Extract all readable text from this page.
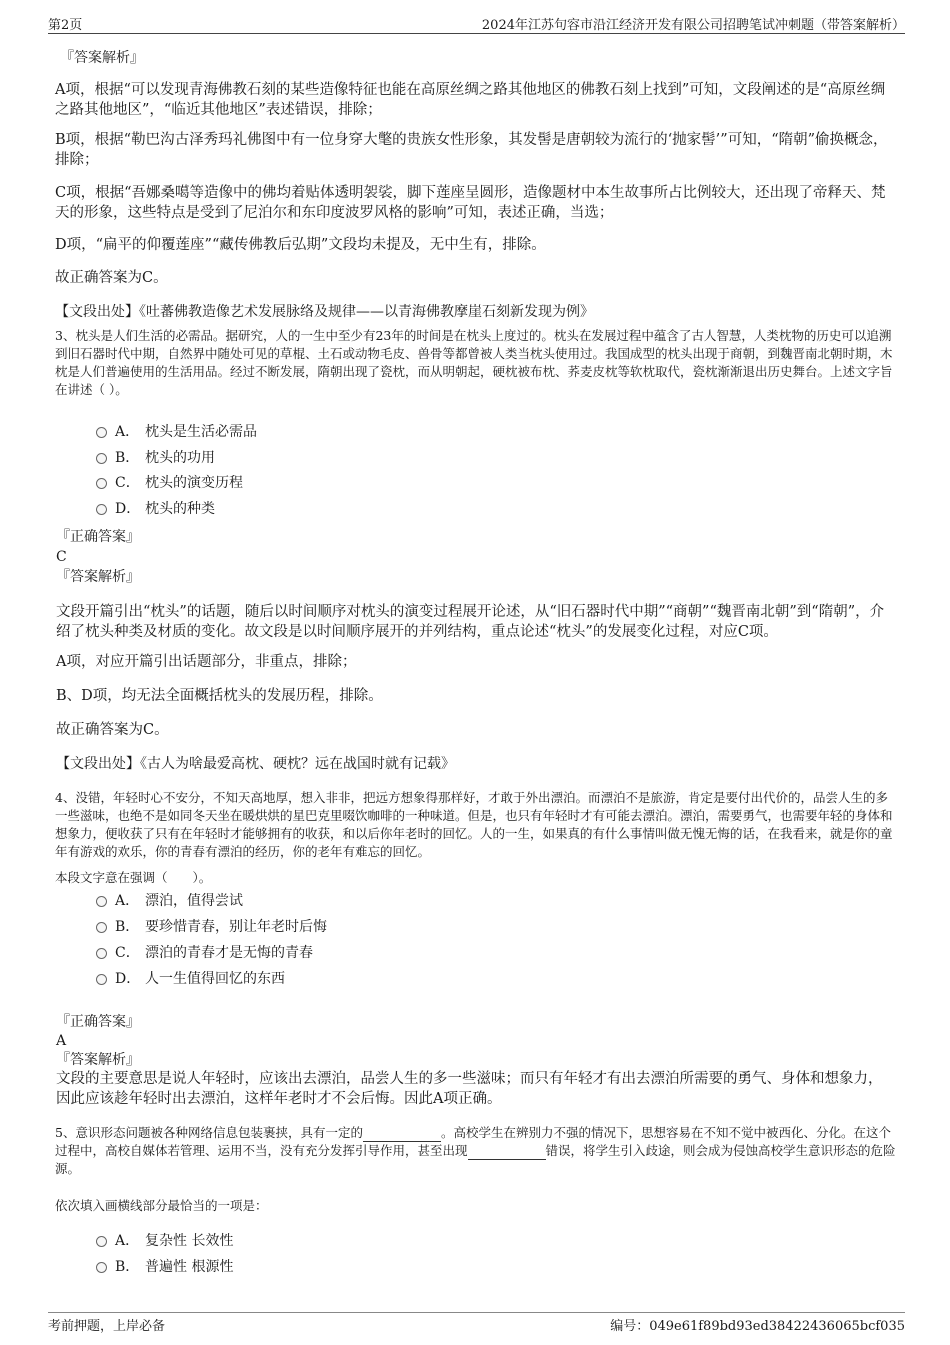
第2页	2024年江苏句容市沿江经济开发有限公司招聘笔试冲刺题（带答案解析）
『答案解析』

A项，根据“可以发现青海佛教石刻的某些造像特征也能在高原丝绸之路其他地区的佛教石刻上找到”可知，文段阐述的是“高原丝绸之路其他地区”，“临近其他地区”表述错误，排除；

B项，根据“勒巴沟古泽秀玛礼佛图中有一位身穿大氅的贵族女性形象，其发髻是唐朝较为流行的‘抛家髻’”可知，“隋朝”偷换概念，排除；

C项，根据“吾娜桑噶等造像中的佛均着贴体透明袈裟，脚下莲座呈圆形，造像题材中本生故事所占比例较大，还出现了帝释天、梵天的形象，这些特点是受到了尼泊尔和东印度波罗风格的影响”可知，表述正确，当选；

D项，“扁平的仰覆莲座”“藏传佛教后弘期”文段均未提及，无中生有，排除。

故正确答案为C。

【文段出处】《吐蕃佛教造像艺术发展脉络及规律——以青海佛教摩崖石刻新发现为例》

3、枕头是人们生活的必需品。据研究，人的一生中至少有23年的时间是在枕头上度过的。枕头在发展过程中蕴含了古人智慧，人类枕物的历史可以追溯到旧石器时代中期，自然界中随处可见的草棍、土石或动物毛皮、兽骨等都曾被人类当枕头使用过。我国成型的枕头出现于商朝，到魏晋南北朝时期，木枕是人们普遍使用的生活用品。经过不断发展，隋朝出现了瓷枕，而从明朝起，硬枕被布枕、荞麦皮枕等软枕取代，瓷枕渐渐退出历史舞台。上述文字旨在讲述（ ）。

A． 枕头是生活必需品
B． 枕头的功用
C． 枕头的演变历程
D． 枕头的种类
『正确答案』
C
『答案解析』

文段开篇引出“枕头”的话题，随后以时间顺序对枕头的演变过程展开论述，从“旧石器时代中期”“商朝”“魏晋南北朝”到“隋朝”，介绍了枕头种类及材质的变化。故文段是以时间顺序展开的并列结构，重点论述“枕头”的发展变化过程，对应C项。

A项，对应开篇引出话题部分，非重点，排除；

B、D项，均无法全面概括枕头的发展历程，排除。

故正确答案为C。

【文段出处】《古人为啥最爱高枕、硬枕？远在战国时就有记载》

4、没错，年轻时心不安分，不知天高地厚，想入非非，把远方想象得那样好，才敢于外出漂泊。而漂泊不是旅游，肯定是要付出代价的，品尝人生的多一些滋味，也绝不是如同冬天坐在暖烘烘的星巴克里啜饮咖啡的一种味道。但是，也只有年轻时才有可能去漂泊。漂泊，需要勇气，也需要年轻的身体和想象力，便收获了只有在年轻时才能够拥有的收获，和以后你年老时的回忆。人的一生，如果真的有什么事情叫做无愧无悔的话，在我看来，就是你的童年有游戏的欢乐，你的青春有漂泊的经历，你的老年有难忘的回忆。

本段文字意在强调（　　）。

A． 漂泊，值得尝试
B． 要珍惜青春，别让年老时后悔
C． 漂泊的青春才是无悔的青春
D． 人一生值得回忆的东西
『正确答案』
A
『答案解析』

文段的主要意思是说人年轻时，应该出去漂泊，品尝人生的多一些滋味；而只有年轻才有出去漂泊所需要的勇气、身体和想象力，因此应该趁年轻时出去漂泊，这样年老时才不会后悔。因此A项正确。

5、意识形态问题被各种网络信息包装裹挟，具有一定的	。高校学生在辨别力不强的情况下，思想容易在不知不觉中被西化、分化。在这个过程中，高校自媒体若管理、运用不当，没有充分发挥引导作用，甚至出现	错误，将学生引入歧途，则会成为侵蚀高校学生意识形态的危险源。

依次填入画横线部分最恰当的一项是：

A． 复杂性 长效性
B． 普遍性 根源性
考前押题，上岸必备	编号：049e61f89bd93ed38422436065bcf035
